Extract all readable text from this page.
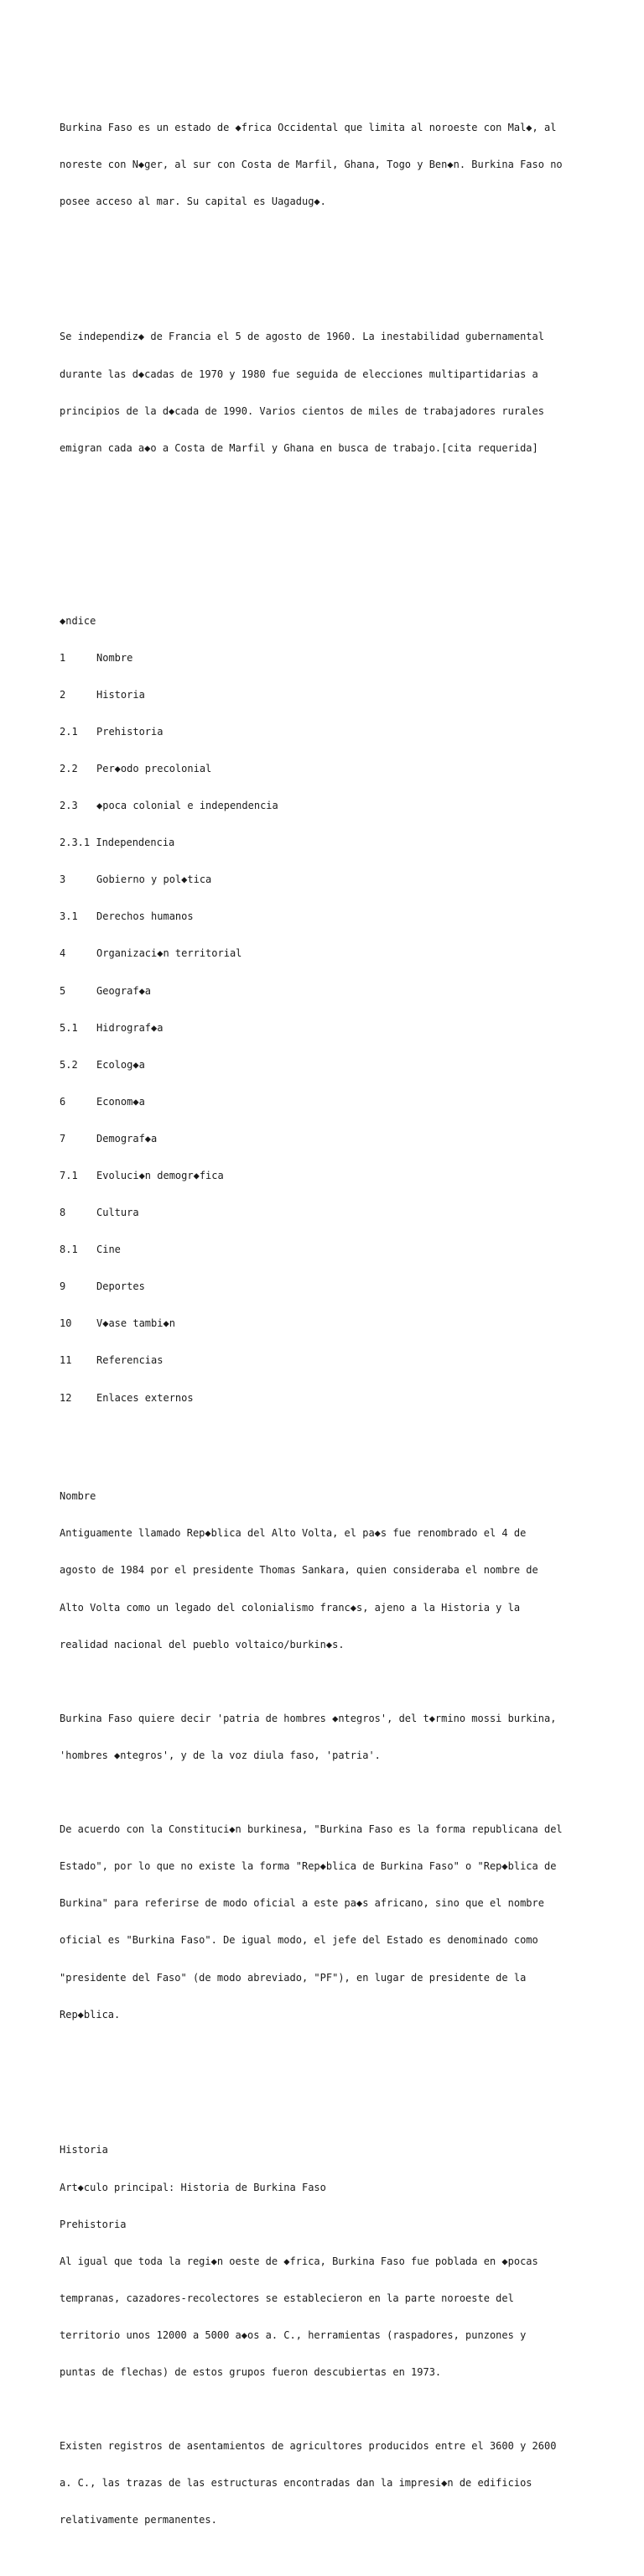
Burkina Faso es un estado de ◆frica Occidental que limita al noroeste con Mal◆, al

noreste con N◆ger, al sur con Costa de Marfil, Ghana, Togo y Ben◆n. Burkina Faso no

posee acceso al mar. Su capital es Uagadug◆.

Se independiz◆ de Francia el 5 de agosto de 1960. La inestabilidad gubernamental

durante las d◆cadas de 1970 y 1980 fue seguida de elecciones multipartidarias a

principios de la d◆cada de 1990. Varios cientos de miles de trabajadores rurales

emigran cada a◆o a Costa de Marfil y Ghana en busca de trabajo.[cita requerida]

◆ndice

1	Nombre

2	Historia

2.1 Prehistoria

2.2 Per◆odo precolonial

2.3 ◆poca colonial e independencia

2.3.1 Independencia

3	Gobierno y pol◆tica

3.1 Derechos humanos

4	Organizaci◆n territorial

5	Geograf◆a

5.1 Hidrograf◆a

5.2 Ecolog◆a

6	Econom◆a

7	Demograf◆a

7.1 Evoluci◆n demogr◆fica

8	Cultura

8.1 Cine

9	Deportes

10 V◆ase tambi◆n

11 Referencias

12 Enlaces externos

Nombre

Antiguamente llamado Rep◆blica del Alto Volta, el pa◆s fue renombrado el 4 de

agosto de 1984 por el presidente Thomas Sankara, quien consideraba el nombre de

Alto Volta como un legado del colonialismo franc◆s, ajeno a la Historia y la

realidad nacional del pueblo voltaico/burkin◆s.

Burkina Faso quiere decir 'patria de hombres ◆ntegros', del t◆rmino mossi burkina,

'hombres ◆ntegros', y de la voz diula faso, 'patria'.

De acuerdo con la Constituci◆n burkinesa, "Burkina Faso es la forma republicana del

Estado", por lo que no existe la forma "Rep◆blica de Burkina Faso" o "Rep◆blica de

Burkina" para referirse de modo oficial a este pa◆s africano, sino que el nombre

oficial es "Burkina Faso". De igual modo, el jefe del Estado es denominado como

"presidente del Faso" (de modo abreviado, "PF"), en lugar de presidente de la

Rep◆blica.

Historia

Art◆culo principal: Historia de Burkina Faso

Prehistoria

Al igual que toda la regi◆n oeste de ◆frica, Burkina Faso fue poblada en ◆pocas

tempranas, cazadores-recolectores se establecieron en la parte noroeste del

territorio unos 12000 a 5000 a◆os a. C., herramientas (raspadores, punzones y

puntas de flechas) de estos grupos fueron descubiertas en 1973.

Existen registros de asentamientos de agricultores producidos entre el 3600 y 2600

a. C., las trazas de las estructuras encontradas dan la impresi◆n de edificios

relativamente permanentes.
